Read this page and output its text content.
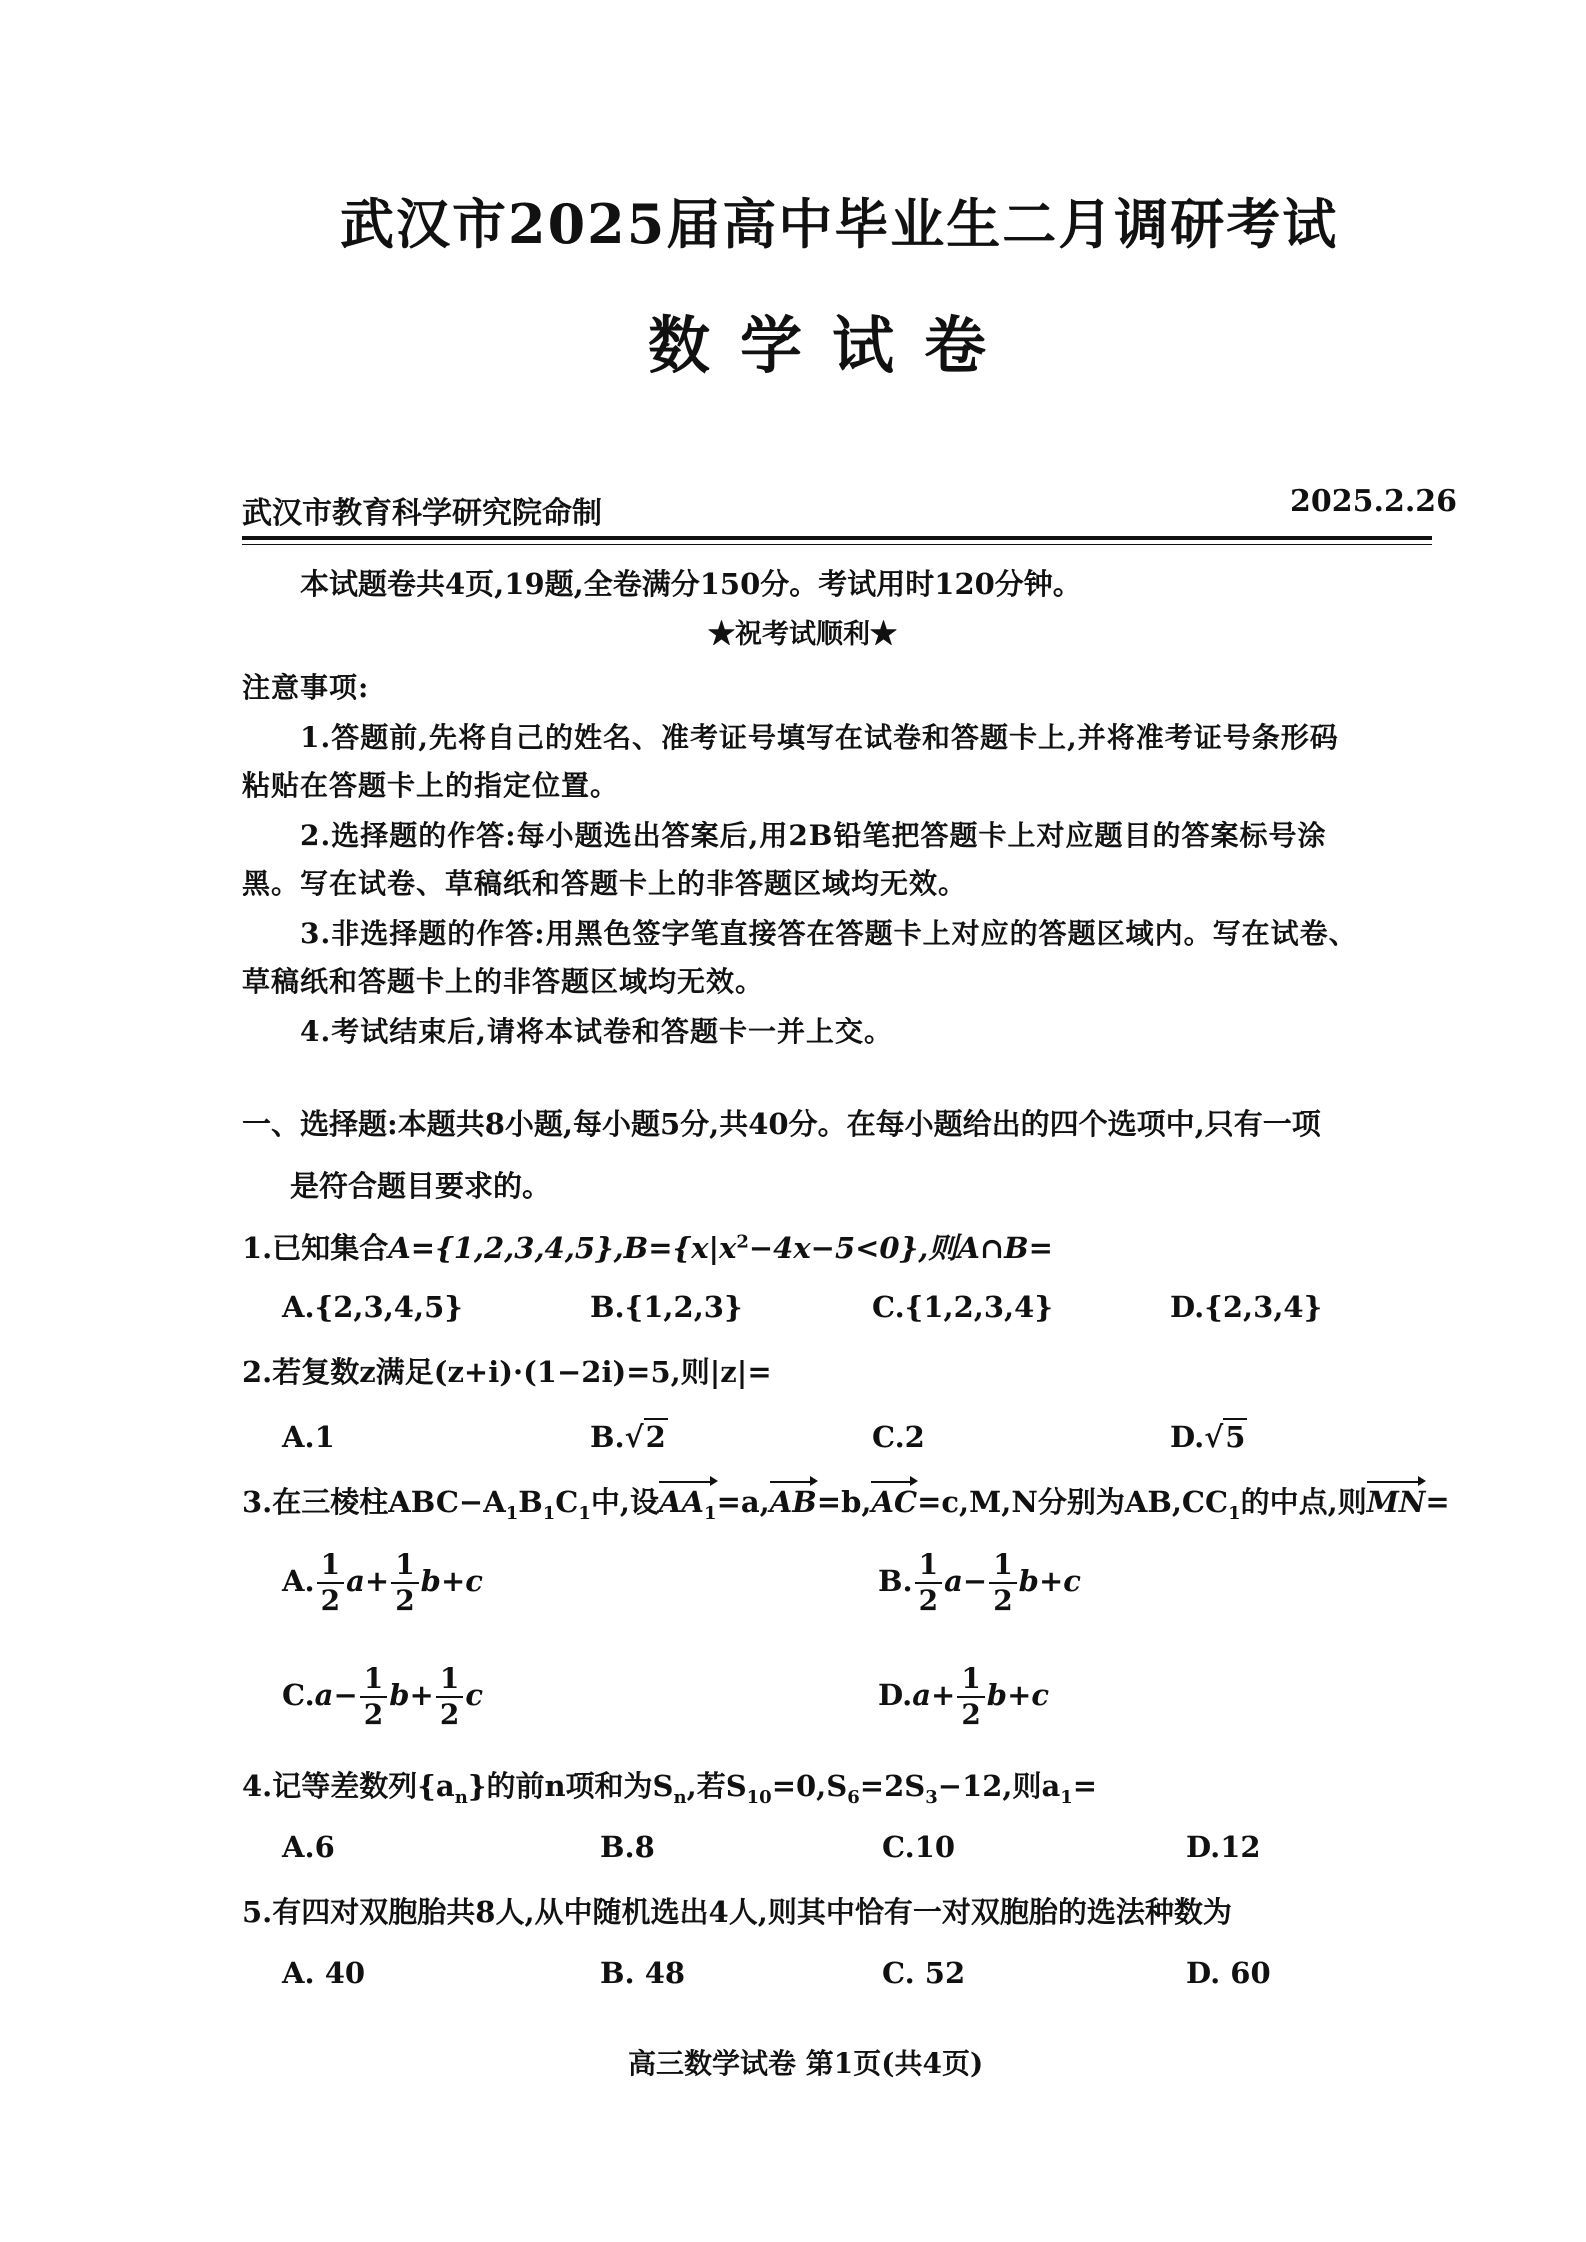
武汉市2025届高中毕业生二月调研考试
数学试卷
武汉市教育科学研究院命制	2025.2.26
本试题卷共4页,19题,全卷满分150分。考试用时120分钟。
★祝考试顺利★
注意事项:
1.答题前,先将自己的姓名、准考证号填写在试卷和答题卡上,并将准考证号条形码
粘贴在答题卡上的指定位置。
2.选择题的作答:每小题选出答案后,用2B铅笔把答题卡上对应题目的答案标号涂
黑。写在试卷、草稿纸和答题卡上的非答题区域均无效。
3.非选择题的作答:用黑色签字笔直接答在答题卡上对应的答题区域内。写在试卷、
草稿纸和答题卡上的非答题区域均无效。
4.考试结束后,请将本试卷和答题卡一并上交。
一、选择题:本题共8小题,每小题5分,共40分。在每小题给出的四个选项中,只有一项
是符合题目要求的。
1.已知集合$A=\{1,2,3,4,5\},B=\{x|x^2-4x-5<0\}$,则A∩B=
A.{2,3,4,5}	B.{1,2,3}	C.{1,2,3,4}	D.{2,3,4}
2.若复数z满足(z+i)·(1−2i)=5,则|z|=
A.1	B.√2	C.2	D.√5
3.在三棱柱$ABC-A_1B_1C_1$中,设$AA_1=a,AB=b,AC=c,M,N$分别为$AB,CC_1$的中点,则MN=
A. $\frac{1}{2} a+ \frac{1}{2} b+c$	B. $\frac{1}{2} a- \frac{1}{2} b+c$
$C.a- \frac{1}{2} b+ \frac{1}{2}$ c	$D.a+ \frac{1}{2} b+c$
4.记等差数列$\{a_n\}$的前n项和为$S_n$,若$S_{10}=0,S_6=2S_3-12$,则$a_1=$
A.6	B.8	C.10	D.12
5.有四对双胞胎共8人,从中随机选出4人,则其中恰有一对双胞胎的选法种数为
A. 40	B. 48	C. 52	D. 60
高三数学试卷 第1页(共4页)
